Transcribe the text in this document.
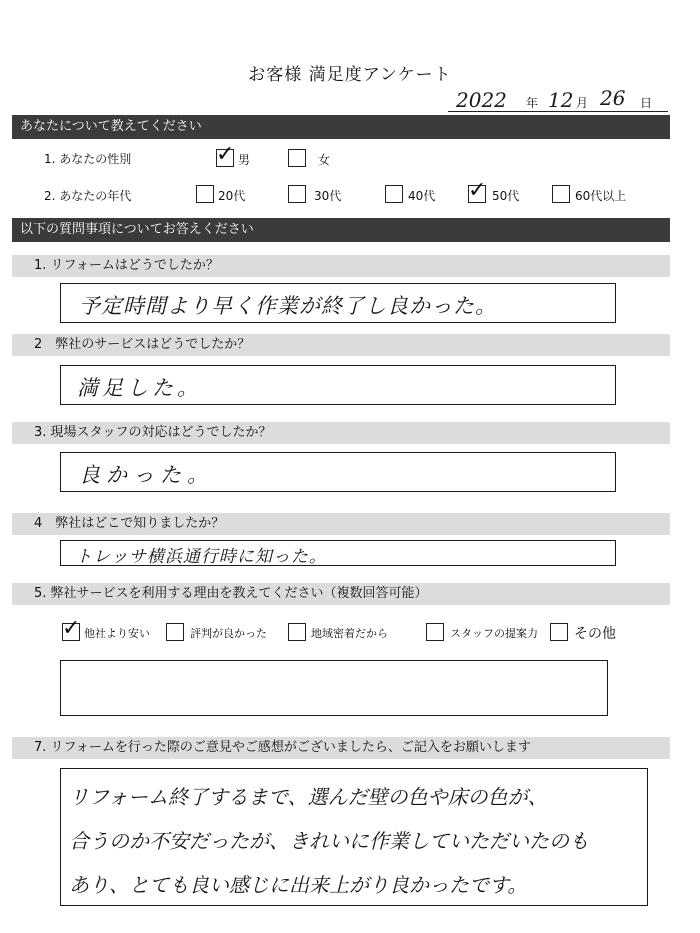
お客様 満足度アンケート
2022 年 12 月 26 日
あなたについて教えてください
1. あなたの性別	✓ 男	女
2. あなたの年代	20代	30代	40代 ✓ 50代	60代以上
以下の質問事項についてお答えください
1. リフォームはどうでしたか？
予定時間より早く作業が終了し良かった。
2　弊社のサービスはどうでしたか？
満足した。
3. 現場スタッフの対応はどうでしたか？
良かった。
4　弊社はどこで知りましたか？
トレッサ横浜通行時に知った。
5. 弊社サービスを利用する理由を教えてください（複数回答可能）
✓ 他社より安い	評判が良かった	地域密着だから	スタッフの提案力	その他
7. リフォームを行った際のご意見やご感想がございましたら、ご記入をお願いします
リフォーム終了するまで、選んだ壁の色や床の色が、
合うのか不安だったが、きれいに作業していただいたのも
あり、とても良い感じに出来上がり良かったです。
